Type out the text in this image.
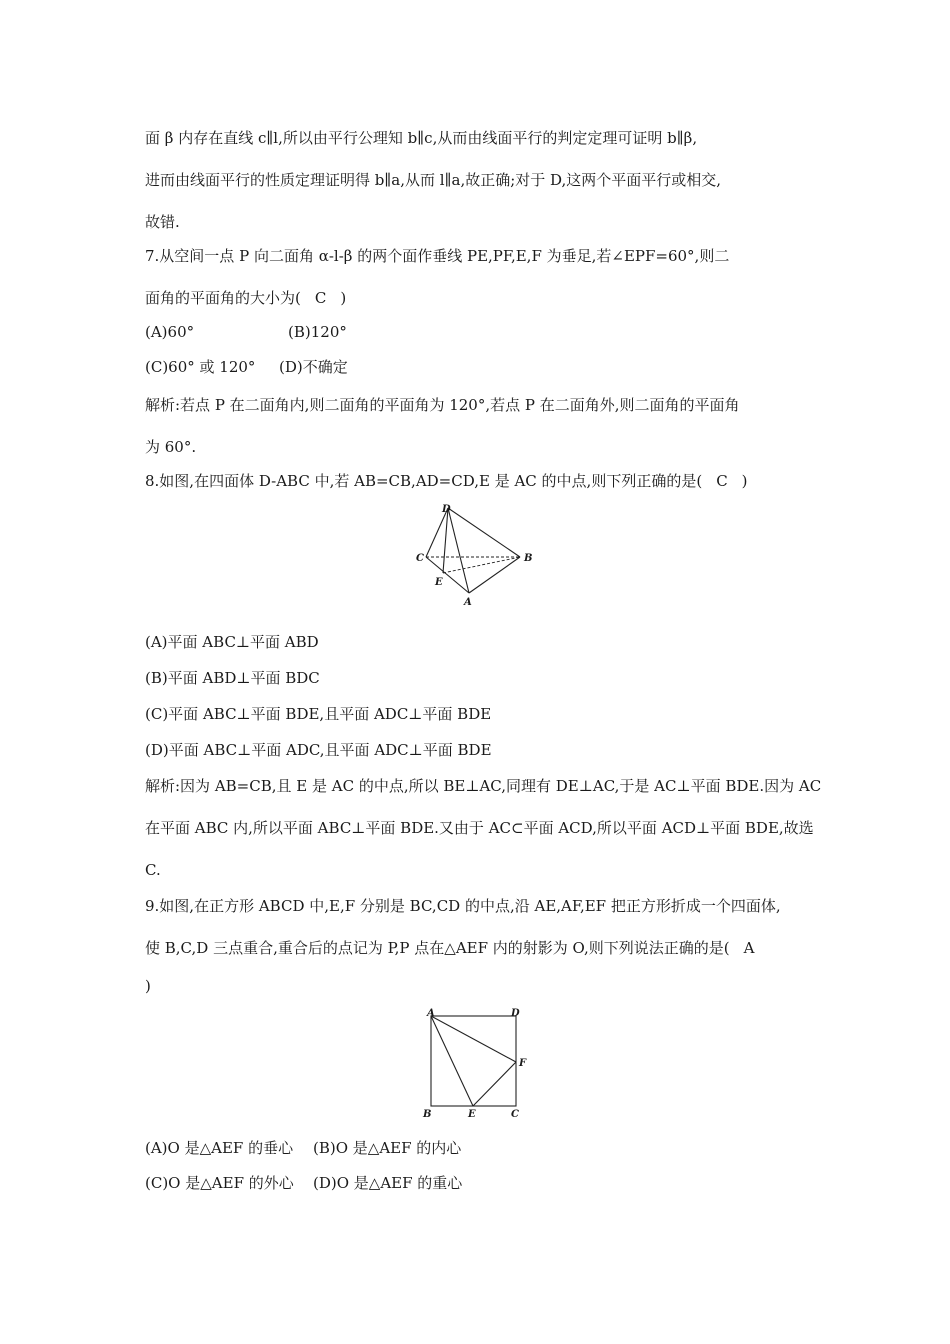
面 β 内存在直线 c∥l,所以由平行公理知 b∥c,从而由线面平行的判定定理可证明 b∥β,
进而由线面平行的性质定理证明得 b∥a,从而 l∥a,故正确;对于 D,这两个平面平行或相交,
故错.
7.从空间一点 P 向二面角 α-l-β 的两个面作垂线 PE,PF,E,F 为垂足,若∠EPF=60°,则二
面角的平面角的大小为( C )
(A)60°	(B)120°
(C)60° 或 120° (D)不确定
解析:若点 P 在二面角内,则二面角的平面角为 120°,若点 P 在二面角外,则二面角的平面角
为 60°.
8.如图,在四面体 D-ABC 中,若 AB=CB,AD=CD,E 是 AC 的中点,则下列正确的是( C )
D
C	B
E
A
(A)平面 ABC⊥平面 ABD
(B)平面 ABD⊥平面 BDC
(C)平面 ABC⊥平面 BDE,且平面 ADC⊥平面 BDE
(D)平面 ABC⊥平面 ADC,且平面 ADC⊥平面 BDE
解析:因为 AB=CB,且 E 是 AC 的中点,所以 BE⊥AC,同理有 DE⊥AC,于是 AC⊥平面 BDE.因为 AC
在平面 ABC 内,所以平面 ABC⊥平面 BDE.又由于 AC⊂平面 ACD,所以平面 ACD⊥平面 BDE,故选
C.
9.如图,在正方形 ABCD 中,E,F 分别是 BC,CD 的中点,沿 AE,AF,EF 把正方形折成一个四面体,
使 B,C,D 三点重合,重合后的点记为 P,P 点在△AEF 内的射影为 O,则下列说法正确的是( A
)
A	D
F
B	E	C
(A)O 是△AEF 的垂心 (B)O 是△AEF 的内心
(C)O 是△AEF 的外心 (D)O 是△AEF 的重心
